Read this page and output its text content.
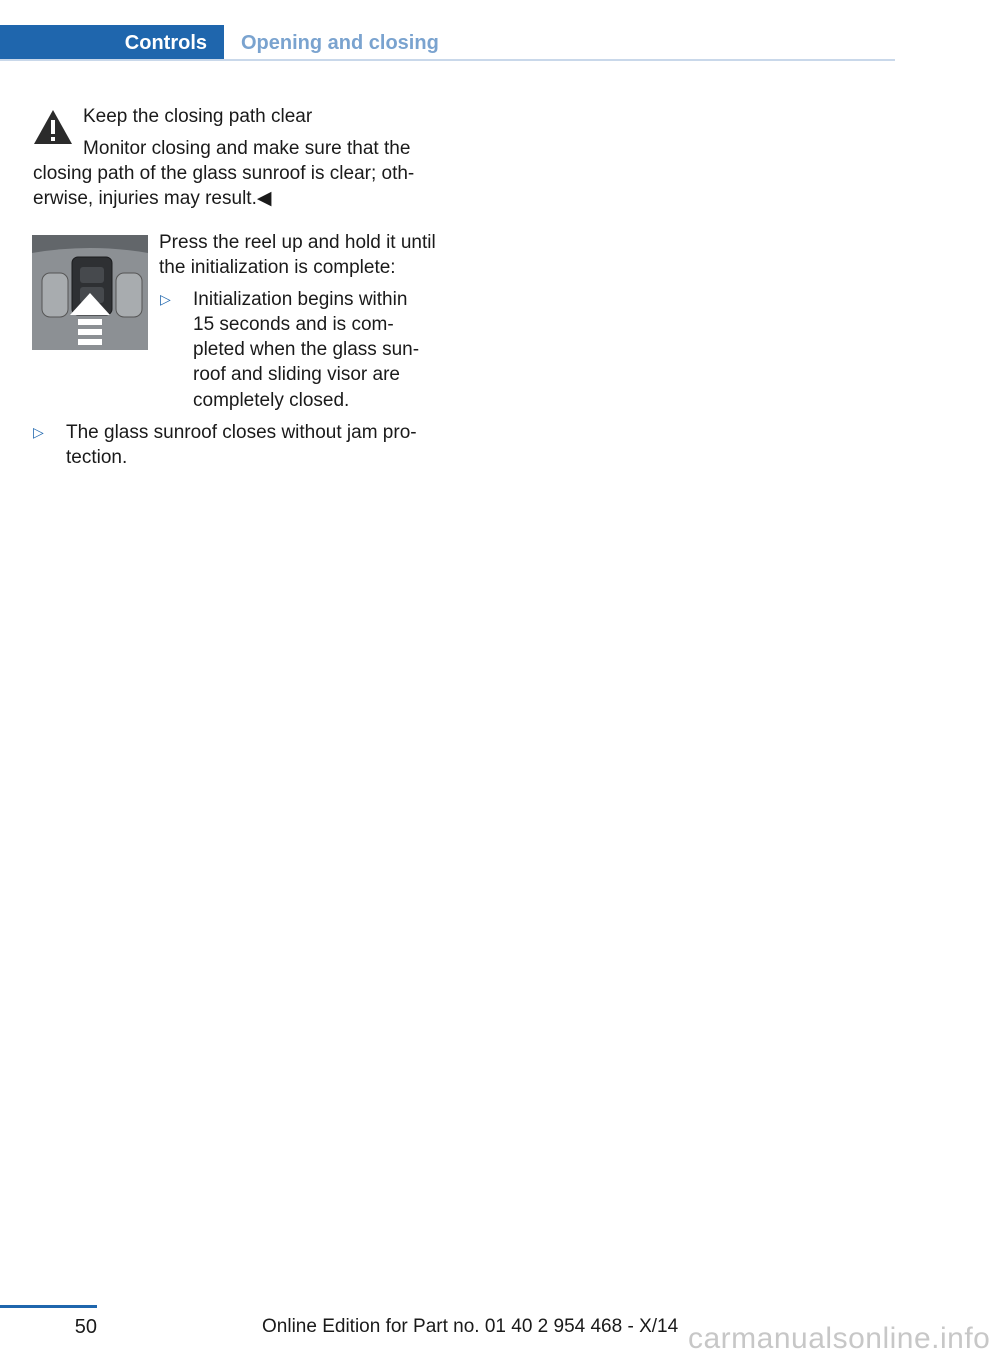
Controls	Opening and closing
Keep the closing path clear
Monitor closing and make sure that the
closing path of the glass sunroof is clear; oth‐
erwise, injuries may result.◀
Press the reel up and hold it until
the initialization is complete:
▷ Initialization begins within
15 seconds and is com‐
pleted when the glass sun‐
roof and sliding visor are
completely closed.
▷ The glass sunroof closes without jam pro‐
tection.
50	Online Edition for Part no. 01 40 2 954 468 - X/14 carmanualsonline.info
